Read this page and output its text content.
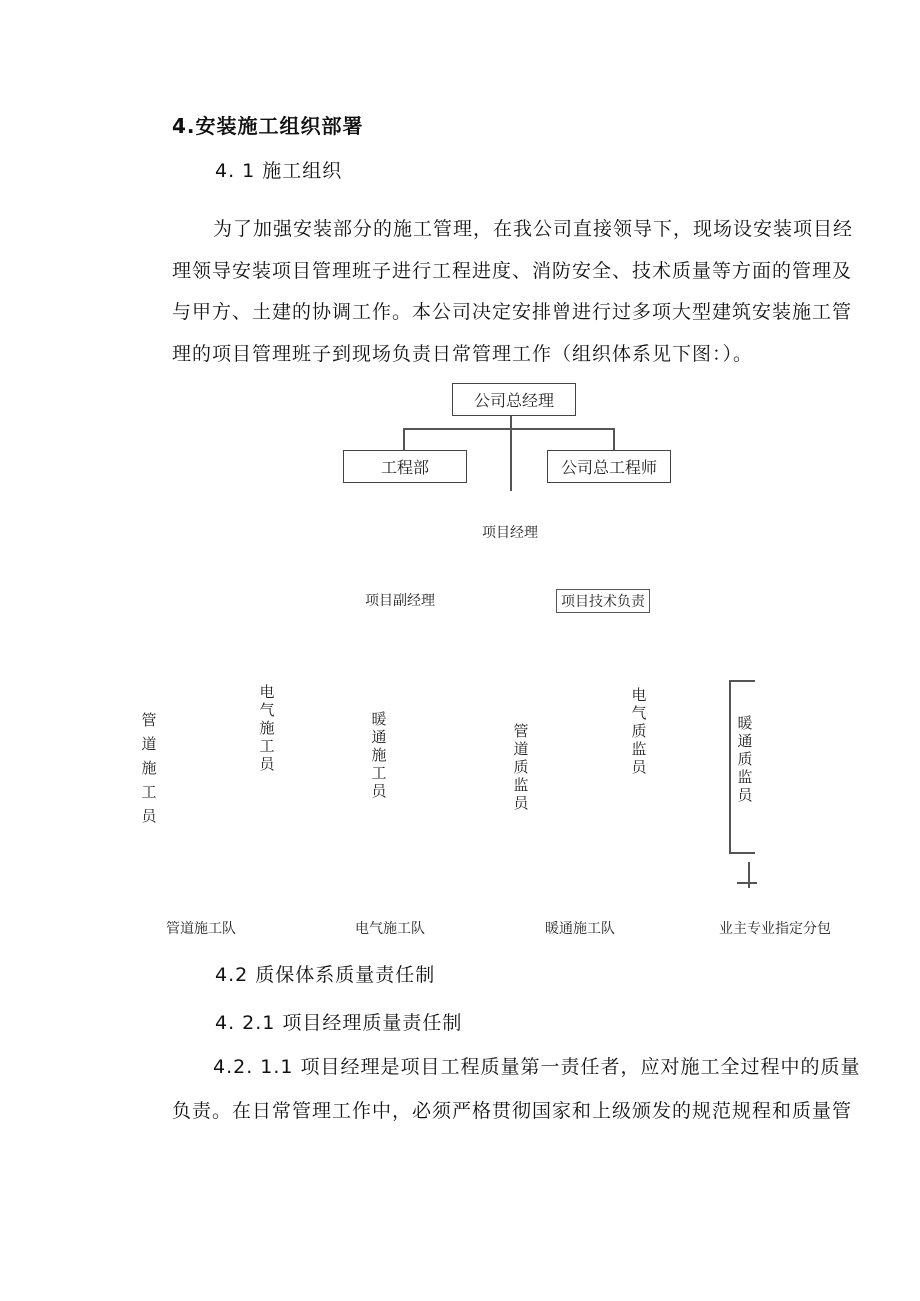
4.安装施工组织部署
4. 1 施工组织
为了加强安装部分的施工管理，在我公司直接领导下，现场设安装项目经
理领导安装项目管理班子进行工程进度、消防安全、技术质量等方面的管理及
与甲方、土建的协调工作。本公司决定安排曾进行过多项大型建筑安装施工管
理的项目管理班子到现场负责日常管理工作（组织体系见下图：）。
公司总经理
工程部	公司总工程师
项目经理
项目副经理	项目技术负责
管道施工员
电气施工员
暖通施工员
管道质监员
电气质监员
暖通质监员
管道施工队	电气施工队	暖通施工队	业主专业指定分包
4.2 质保体系质量责任制
4. 2.1 项目经理质量责任制
4.2. 1.1 项目经理是项目工程质量第一责任者，应对施工全过程中的质量
负责。在日常管理工作中，必须严格贯彻国家和上级颁发的规范规程和质量管
